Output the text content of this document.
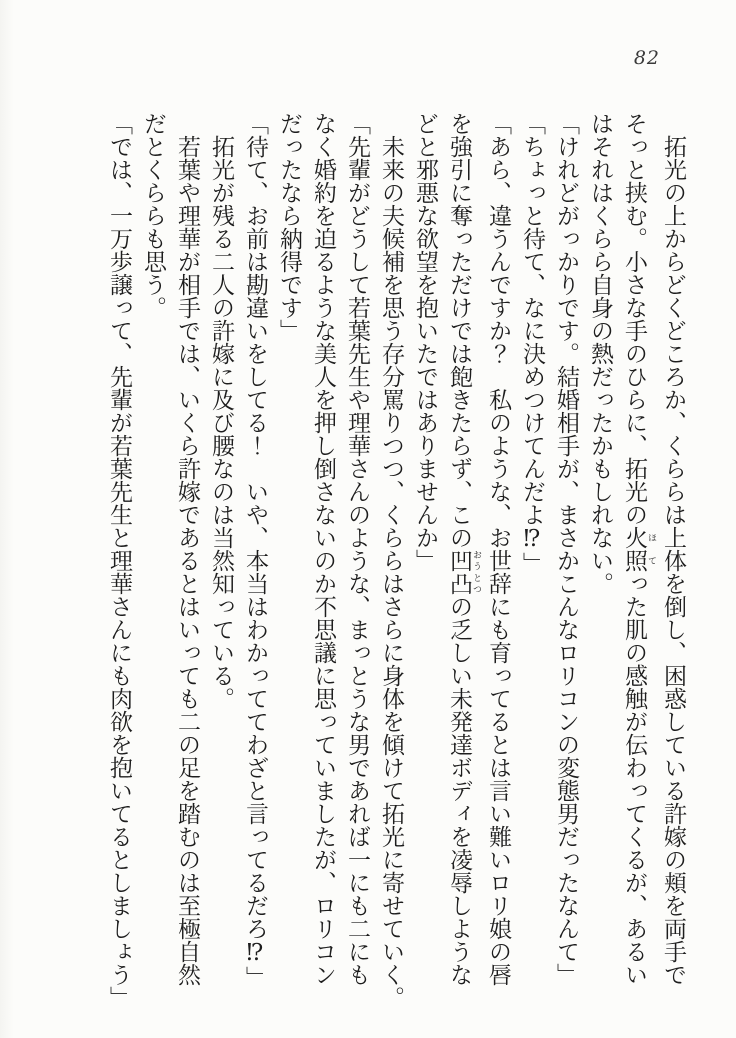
82

　拓光の上からどくどころか、くららは上体を倒し、困惑している許嫁の頬を両手で

そっと挟む。小さな手のひらに、拓光の火照 ほてった肌の感触が伝わってくるが、あるい

はそれはくらら自身の熱だったかもしれない。

「けれどがっかりです。結婚相手が、まさかこんなロリコンの変態男だったなんて」

「ちょっと待て、なに決めつけてんだよ⁉」

「あら、違うんですか？　私のような、お世辞にも育ってるとは言い難いロリ娘の唇

を強引に奪っただけでは飽きたらず、この凹凸 おうとつの乏しい未発達ボディを凌辱しような

どと邪悪な欲望を抱いたではありませんか」

　未来の夫候補を思う存分罵りつつ、くららはさらに身体を傾けて拓光に寄せていく。

「先輩がどうして若葉先生や理華さんのような、まっとうな男であれば一にも二にも

なく婚約を迫るような美人を押し倒さないのか不思議に思っていましたが、ロリコン

だったなら納得です」

「待て、お前は勘違いをしてる！　いや、本当はわかっててわざと言ってるだろ⁉」

　拓光が残る二人の許嫁に及び腰なのは当然知っている。

　若葉や理華が相手では、いくら許嫁であるとはいっても二の足を踏むのは至極自然

だとくららも思う。

「では、一万歩譲って、先輩が若葉先生と理華さんにも肉欲を抱いてるとしましょう」
